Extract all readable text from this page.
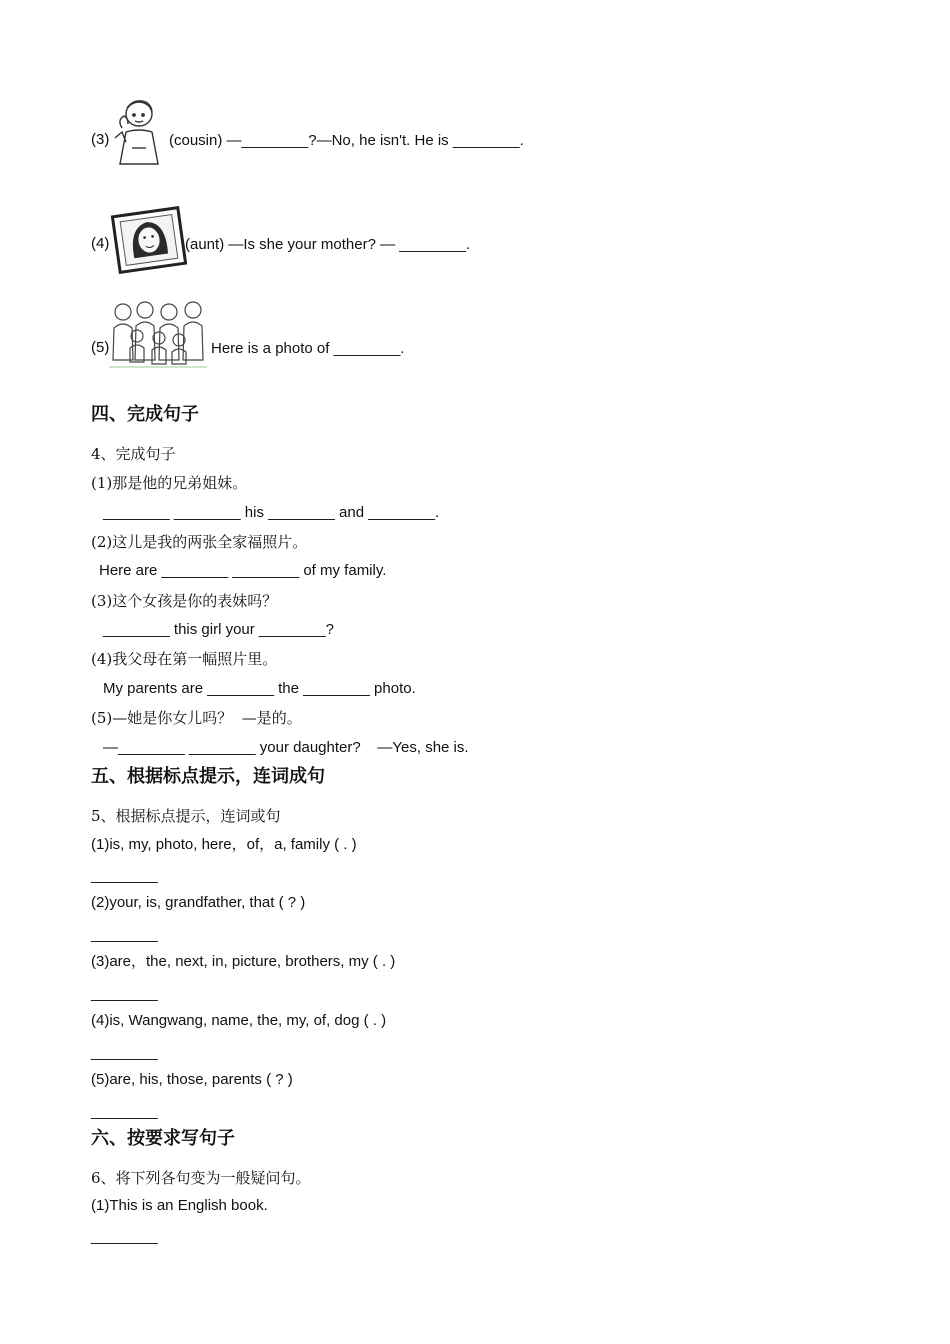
(3)	(cousin) —________?—No, he isn't. He is ________.
(4)	(aunt) —Is she your mother? — ________.
(5)	Here is a photo of ________.
四、完成句子
4、完成句子
(1)那是他的兄弟姐妹。
________ ________ his ________ and ________.
(2)这儿是我的两张全家福照片。
Here are ________ ________ of my family.
(3)这个女孩是你的表妹吗？
________ this girl your ________?
(4)我父母在第一幅照片里。
My parents are ________ the ________ photo.
(5)—她是你女儿吗？  —是的。
—________ ________ your daughter?    —Yes, she is.
五、根据标点提示，连词成句
5、根据标点提示，连词或句
(1)is, my, photo, here，of，a, family ( . )
________
(2)your, is, grandfather, that ( ? )
________
(3)are，the, next, in, picture, brothers, my ( . )
________
(4)is, Wangwang, name, the, my, of, dog ( . )
________
(5)are, his, those, parents ( ? )
________
六、按要求写句子
6、将下列各句变为一般疑问句。
(1)This is an English book.
________
